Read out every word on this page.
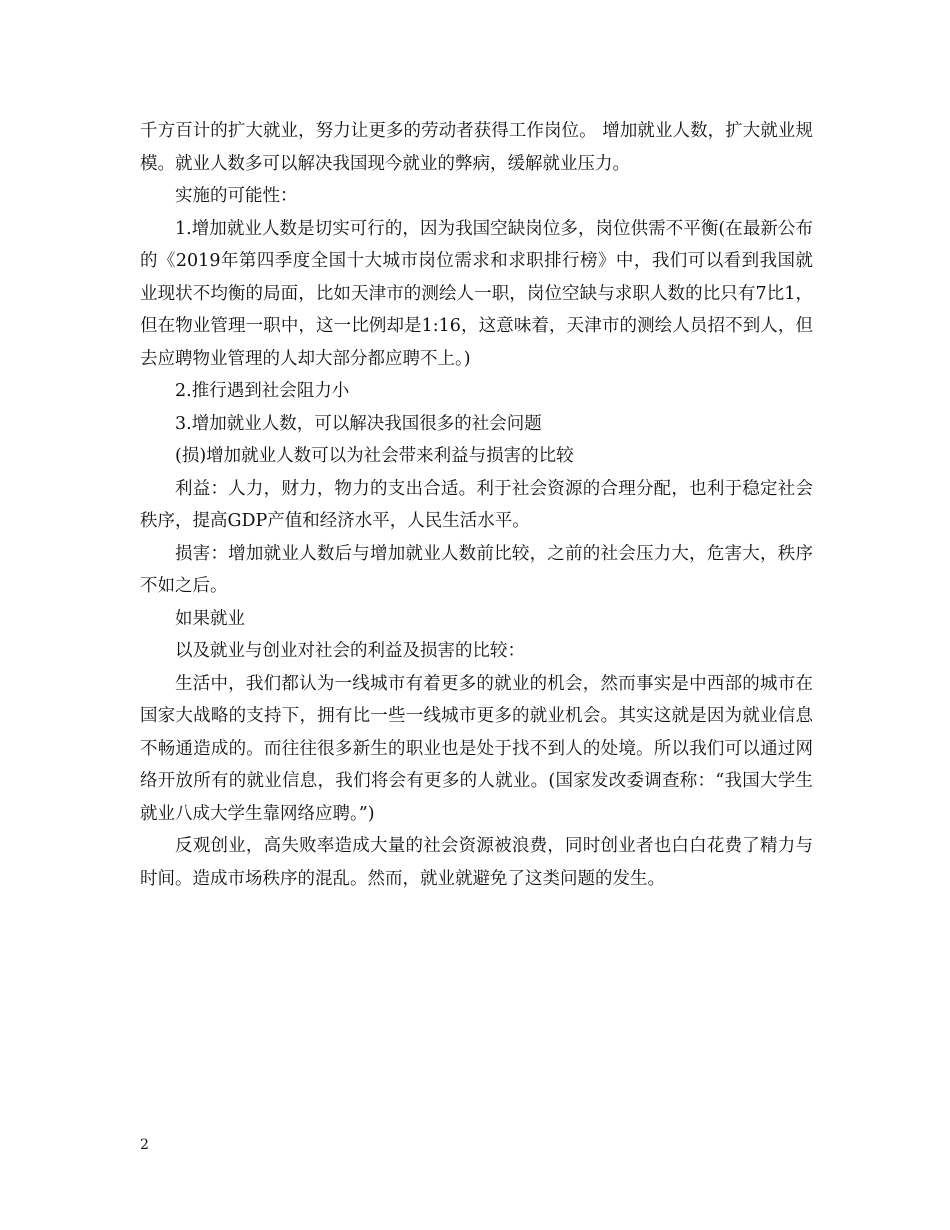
千方百计的扩大就业，努力让更多的劳动者获得工作岗位。 增加就业人数，扩大就业规模。就业人数多可以解决我国现今就业的弊病，缓解就业压力。

实施的可能性：

1.增加就业人数是切实可行的，因为我国空缺岗位多，岗位供需不平衡(在最新公布的《2019年第四季度全国十大城市岗位需求和求职排行榜》中，我们可以看到我国就业现状不均衡的局面，比如天津市的测绘人一职，岗位空缺与求职人数的比只有7比1，但在物业管理一职中，这一比例却是1:16，这意味着，天津市的测绘人员招不到人，但去应聘物业管理的人却大部分都应聘不上。)

2.推行遇到社会阻力小

3.增加就业人数，可以解决我国很多的社会问题

(损)增加就业人数可以为社会带来利益与损害的比较

利益：人力，财力，物力的支出合适。利于社会资源的合理分配，也利于稳定社会秩序，提高GDP产值和经济水平，人民生活水平。

损害：增加就业人数后与增加就业人数前比较，之前的社会压力大，危害大，秩序不如之后。

如果就业

以及就业与创业对社会的利益及损害的比较：

生活中，我们都认为一线城市有着更多的就业的机会，然而事实是中西部的城市在国家大战略的支持下，拥有比一些一线城市更多的就业机会。其实这就是因为就业信息不畅通造成的。而往往很多新生的职业也是处于找不到人的处境。所以我们可以通过网络开放所有的就业信息，我们将会有更多的人就业。(国家发改委调查称：“我国大学生就业八成大学生靠网络应聘。”)

反观创业，高失败率造成大量的社会资源被浪费，同时创业者也白白花费了精力与时间。造成市场秩序的混乱。然而，就业就避免了这类问题的发生。

2
